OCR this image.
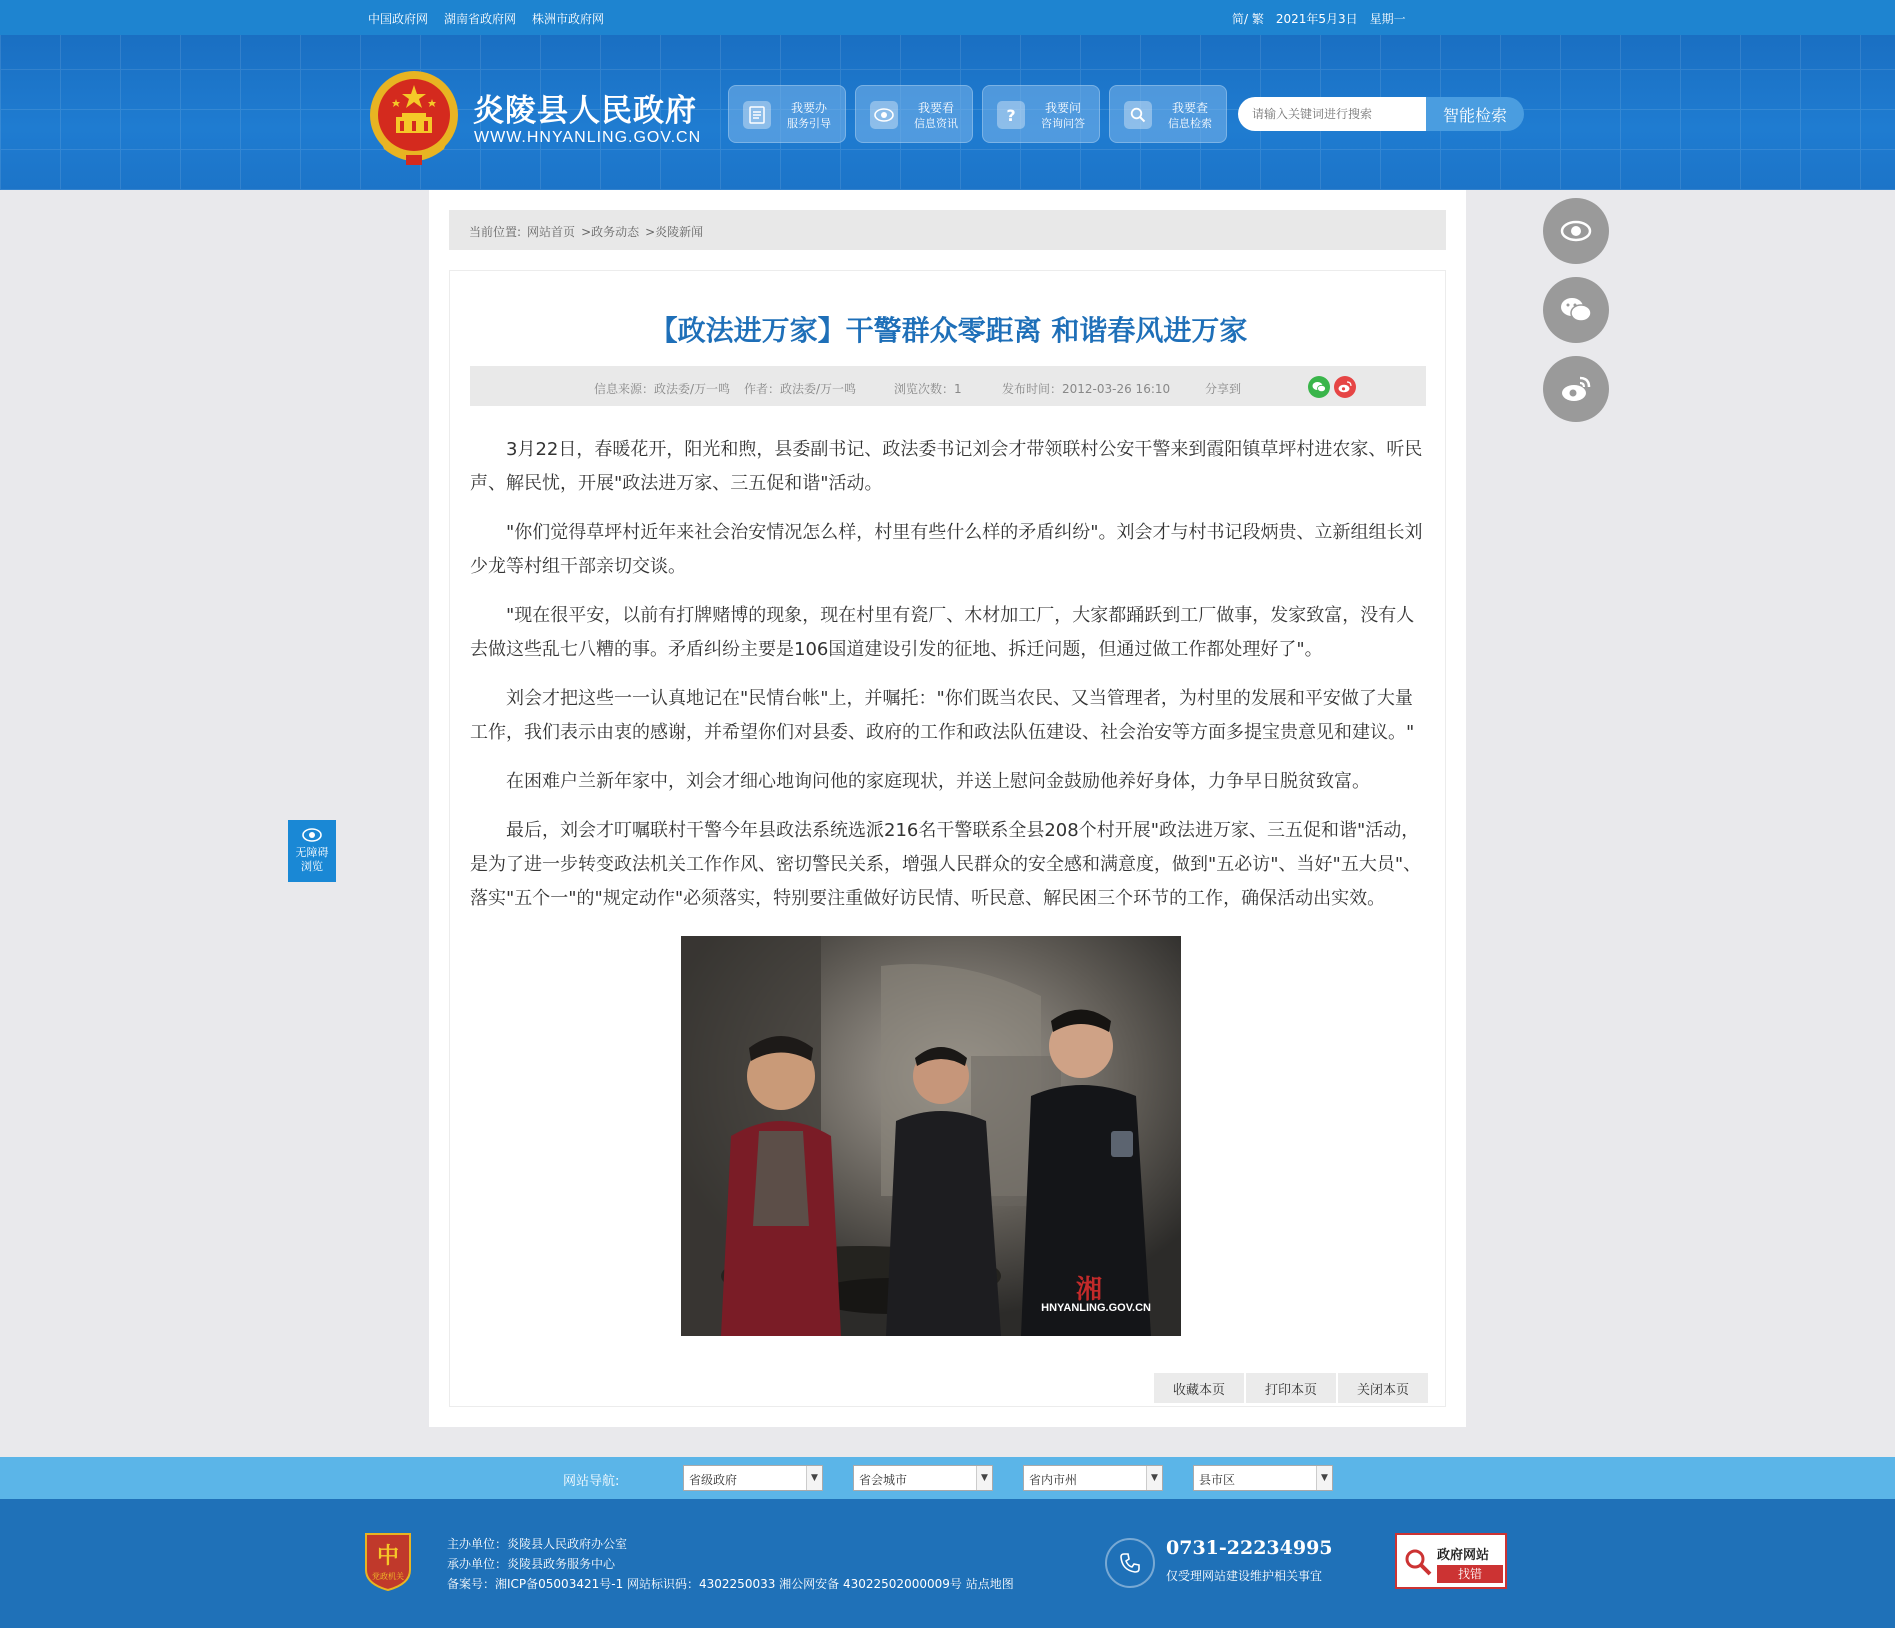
中国政府网 湖南省政府网 株洲市政府网	简/ 繁 2021年5月3日 星期一
炎陵县人民政府
WWW.HNYANLING.GOV.CN
我要办
服务引导
我要看
信息资讯	?	我要问
咨询问答
我要查
信息检索
请输入关键词进行搜索	智能检索
当前位置: 网站首页 >政务动态 >炎陵新闻
【政法进万家】干警群众零距离 和谐春风进万家
信息来源：政法委/万一鸣 作者：政法委/万一鸣	浏览次数：1	发布时间：2012-03-26 16:10	分享到

3月22日，春暖花开，阳光和煦，县委副书记、政法委书记刘会才带领联村公安干警来到霞阳镇草坪村进农家、听民声、解民忧，开展"政法进万家、三五促和谐"活动。

"你们觉得草坪村近年来社会治安情况怎么样，村里有些什么样的矛盾纠纷"。刘会才与村书记段炳贵、立新组组长刘少龙等村组干部亲切交谈。

"现在很平安，以前有打牌赌博的现象，现在村里有瓷厂、木材加工厂，大家都踊跃到工厂做事，发家致富，没有人去做这些乱七八糟的事。矛盾纠纷主要是106国道建设引发的征地、拆迁问题，但通过做工作都处理好了"。

刘会才把这些一一认真地记在"民情台帐"上，并嘱托："你们既当农民、又当管理者，为村里的发展和平安做了大量工作，我们表示由衷的感谢，并希望你们对县委、政府的工作和政法队伍建设、社会治安等方面多提宝贵意见和建议。"

在困难户兰新年家中，刘会才细心地询问他的家庭现状，并送上慰问金鼓励他养好身体，力争早日脱贫致富。

最后，刘会才叮嘱联村干警今年县政法系统选派216名干警联系全县208个村开展"政法进万家、三五促和谐"活动，是为了进一步转变政法机关工作作风、密切警民关系，增强人民群众的安全感和满意度，做到"五必访"、当好"五大员"、落实"五个一"的"规定动作"必须落实，特别要注重做好访民情、听民意、解民困三个环节的工作，确保活动出实效。

HNYANLING.GOV.CN
湘
收藏本页	打印本页	关闭本页
无障碍
浏览
网站导航:	省级政府	▼	省会城市	▼	省内市州	▼	县市区	▼
中
党政机关
主办单位：炎陵县人民政府办公室
承办单位：炎陵县政务服务中心
备案号：湘ICP备05003421号-1 网站标识码：4302250033 湘公网安备 43022502000009号 站点地图
0731-22234995
仅受理网站建设维护相关事宜
政府网站
找错
